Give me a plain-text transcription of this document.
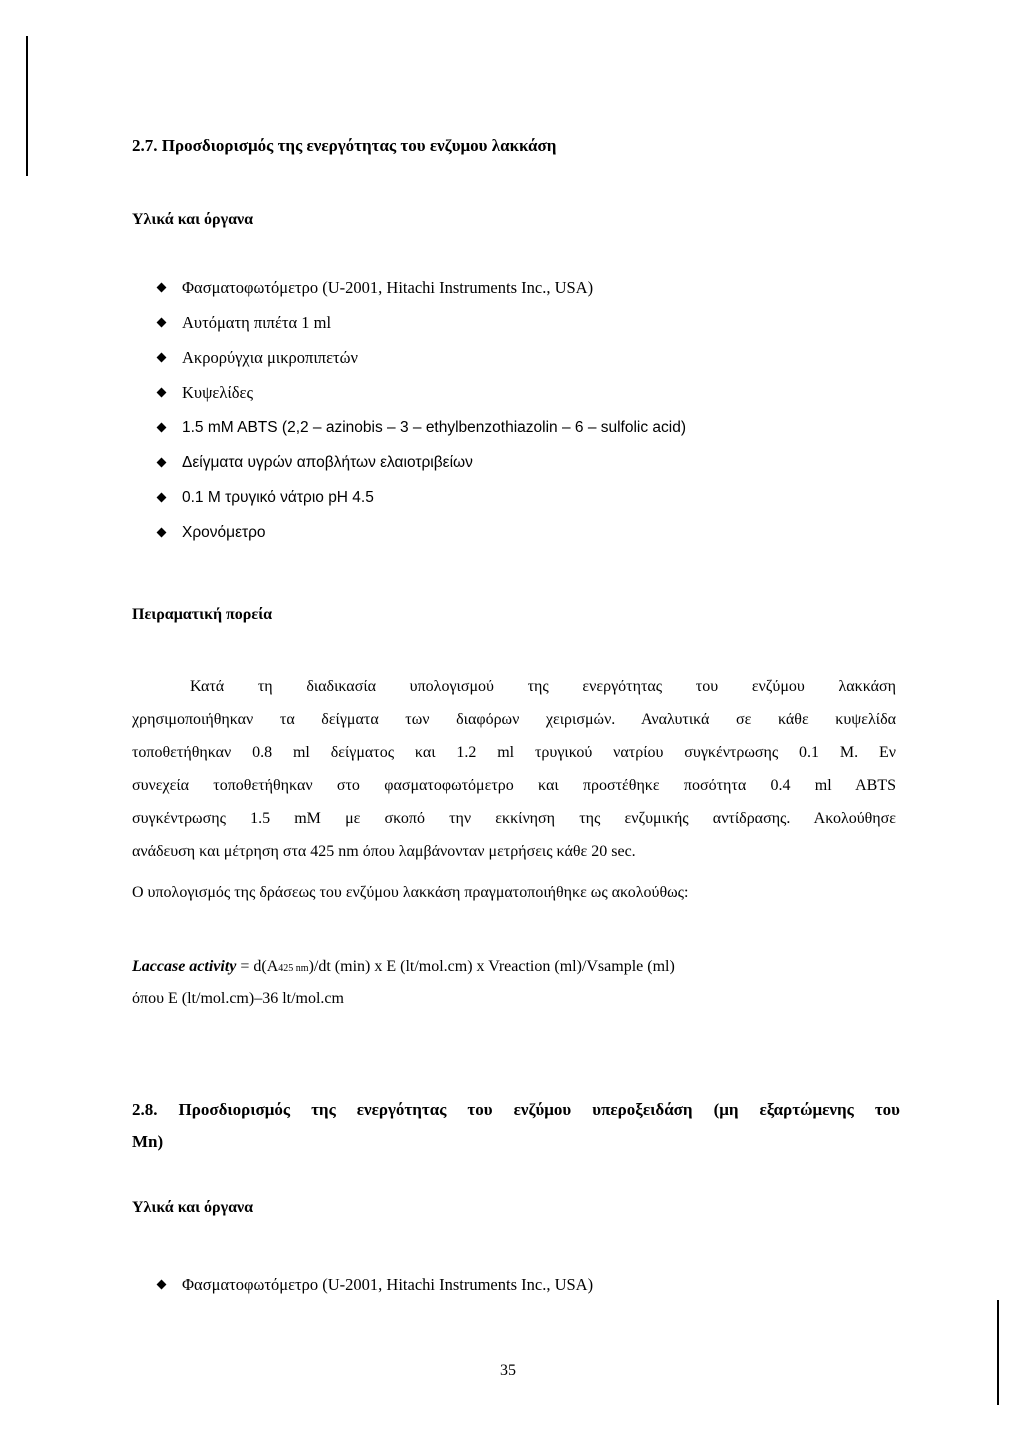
2.7. Προσδιορισμός της ενεργότητας του ενζυμου λακκάση
Υλικά και όργανα
Φασματοφωτόμετρο (U-2001, Hitachi Instruments Inc., USA)
Αυτόματη πιπέτα 1 ml
Ακρορύγχια μικροπιπετών
Κυψελίδες
1.5 mM ABTS (2,2 – azinobis – 3 – ethylbenzothiazolin – 6 – sulfolic acid)
Δείγματα υγρών αποβλήτων ελαιοτριβείων
0.1 M τρυγικό νάτριο pH 4.5
Χρονόμετρο
Πειραματική πορεία
Κατά τη διαδικασία υπολογισμού της ενεργότητας του ενζύμου λακκάση
χρησιμοποιήθηκαν τα δείγματα των διαφόρων χειρισμών. Αναλυτικά σε κάθε κυψελίδα
τοποθετήθηκαν 0.8 ml δείγματος και 1.2 ml τρυγικού νατρίου συγκέντρωσης 0.1 M. Εν
συνεχεία τοποθετήθηκαν στο φασματοφωτόμετρο και προστέθηκε ποσότητα 0.4 ml ABTS
συγκέντρωσης 1.5 mM με σκοπό την εκκίνηση της ενζυμικής αντίδρασης. Ακολούθησε
ανάδευση και μέτρηση στα 425 nm όπου λαμβάνονταν μετρήσεις κάθε 20 sec.
Ο υπολογισμός της δράσεως του ενζύμου λακκάση πραγματοποιήθηκε ως ακολούθως:
Laccase activity = d(A425 nm)/dt (min) x E (lt/mol.cm) x Vreaction (ml)/Vsample (ml)
όπου E (lt/mol.cm)–36 lt/mol.cm
2.8. Προσδιορισμός της ενεργότητας του ενζύμου υπεροξειδάση (μη εξαρτώμενης του
Mn)
Υλικά και όργανα
Φασματοφωτόμετρο (U-2001, Hitachi Instruments Inc., USA)
35
